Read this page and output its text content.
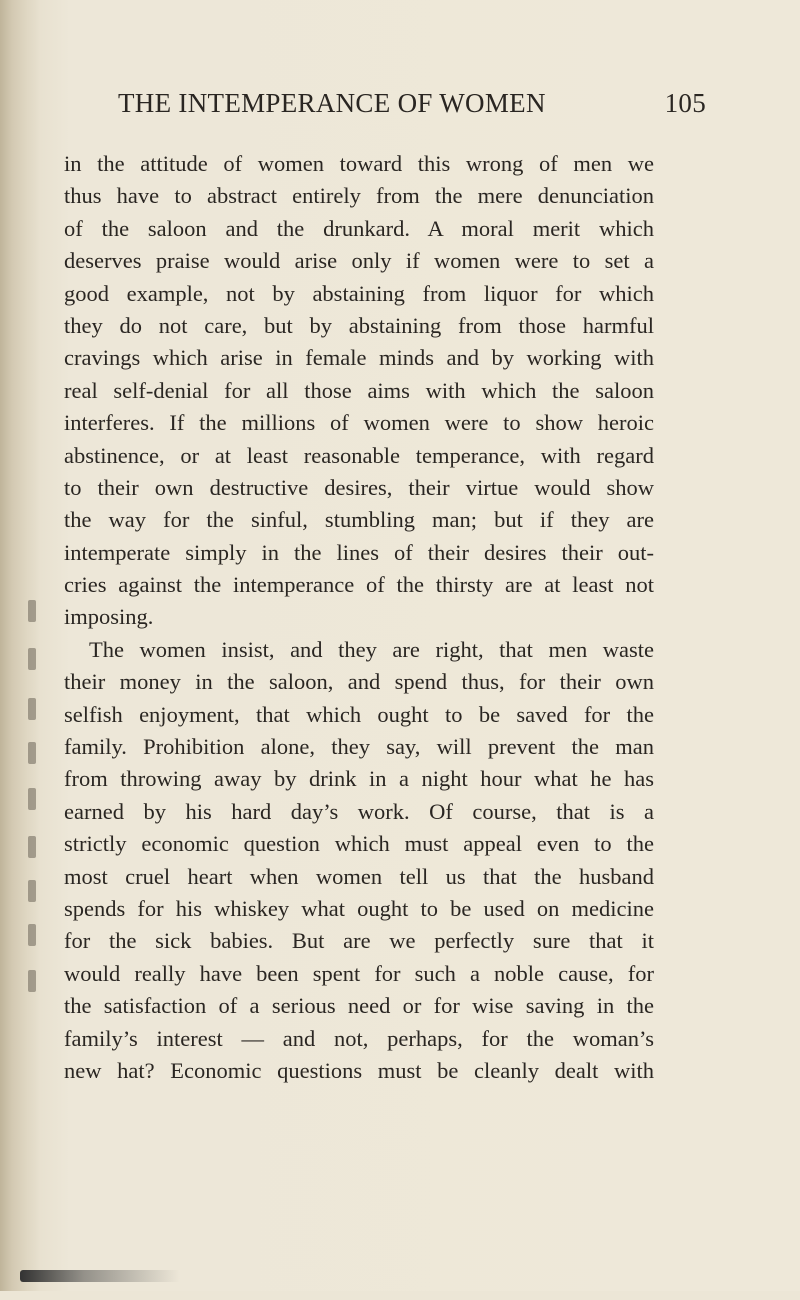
THE INTEMPERANCE OF WOMEN	105
in the attitude of women toward this wrong of men we
thus have to abstract entirely from the mere denunciation
of the saloon and the drunkard. A moral merit which
deserves praise would arise only if women were to set a
good example, not by abstaining from liquor for which
they do not care, but by abstaining from those harmful
cravings which arise in female minds and by working with
real self-denial for all those aims with which the saloon
interferes. If the millions of women were to show heroic
abstinence, or at least reasonable temperance, with regard
to their own destructive desires, their virtue would show
the way for the sinful, stumbling man; but if they are
intemperate simply in the lines of their desires their out-
cries against the intemperance of the thirsty are at least not
imposing.
The women insist, and they are right, that men waste
their money in the saloon, and spend thus, for their own
selfish enjoyment, that which ought to be saved for the
family. Prohibition alone, they say, will prevent the man
from throwing away by drink in a night hour what he has
earned by his hard day’s work. Of course, that is a
strictly economic question which must appeal even to the
most cruel heart when women tell us that the husband
spends for his whiskey what ought to be used on medicine
for the sick babies. But are we perfectly sure that it
would really have been spent for such a noble cause, for
the satisfaction of a serious need or for wise saving in the
family’s interest — and not, perhaps, for the woman’s
new hat? Economic questions must be cleanly dealt with
